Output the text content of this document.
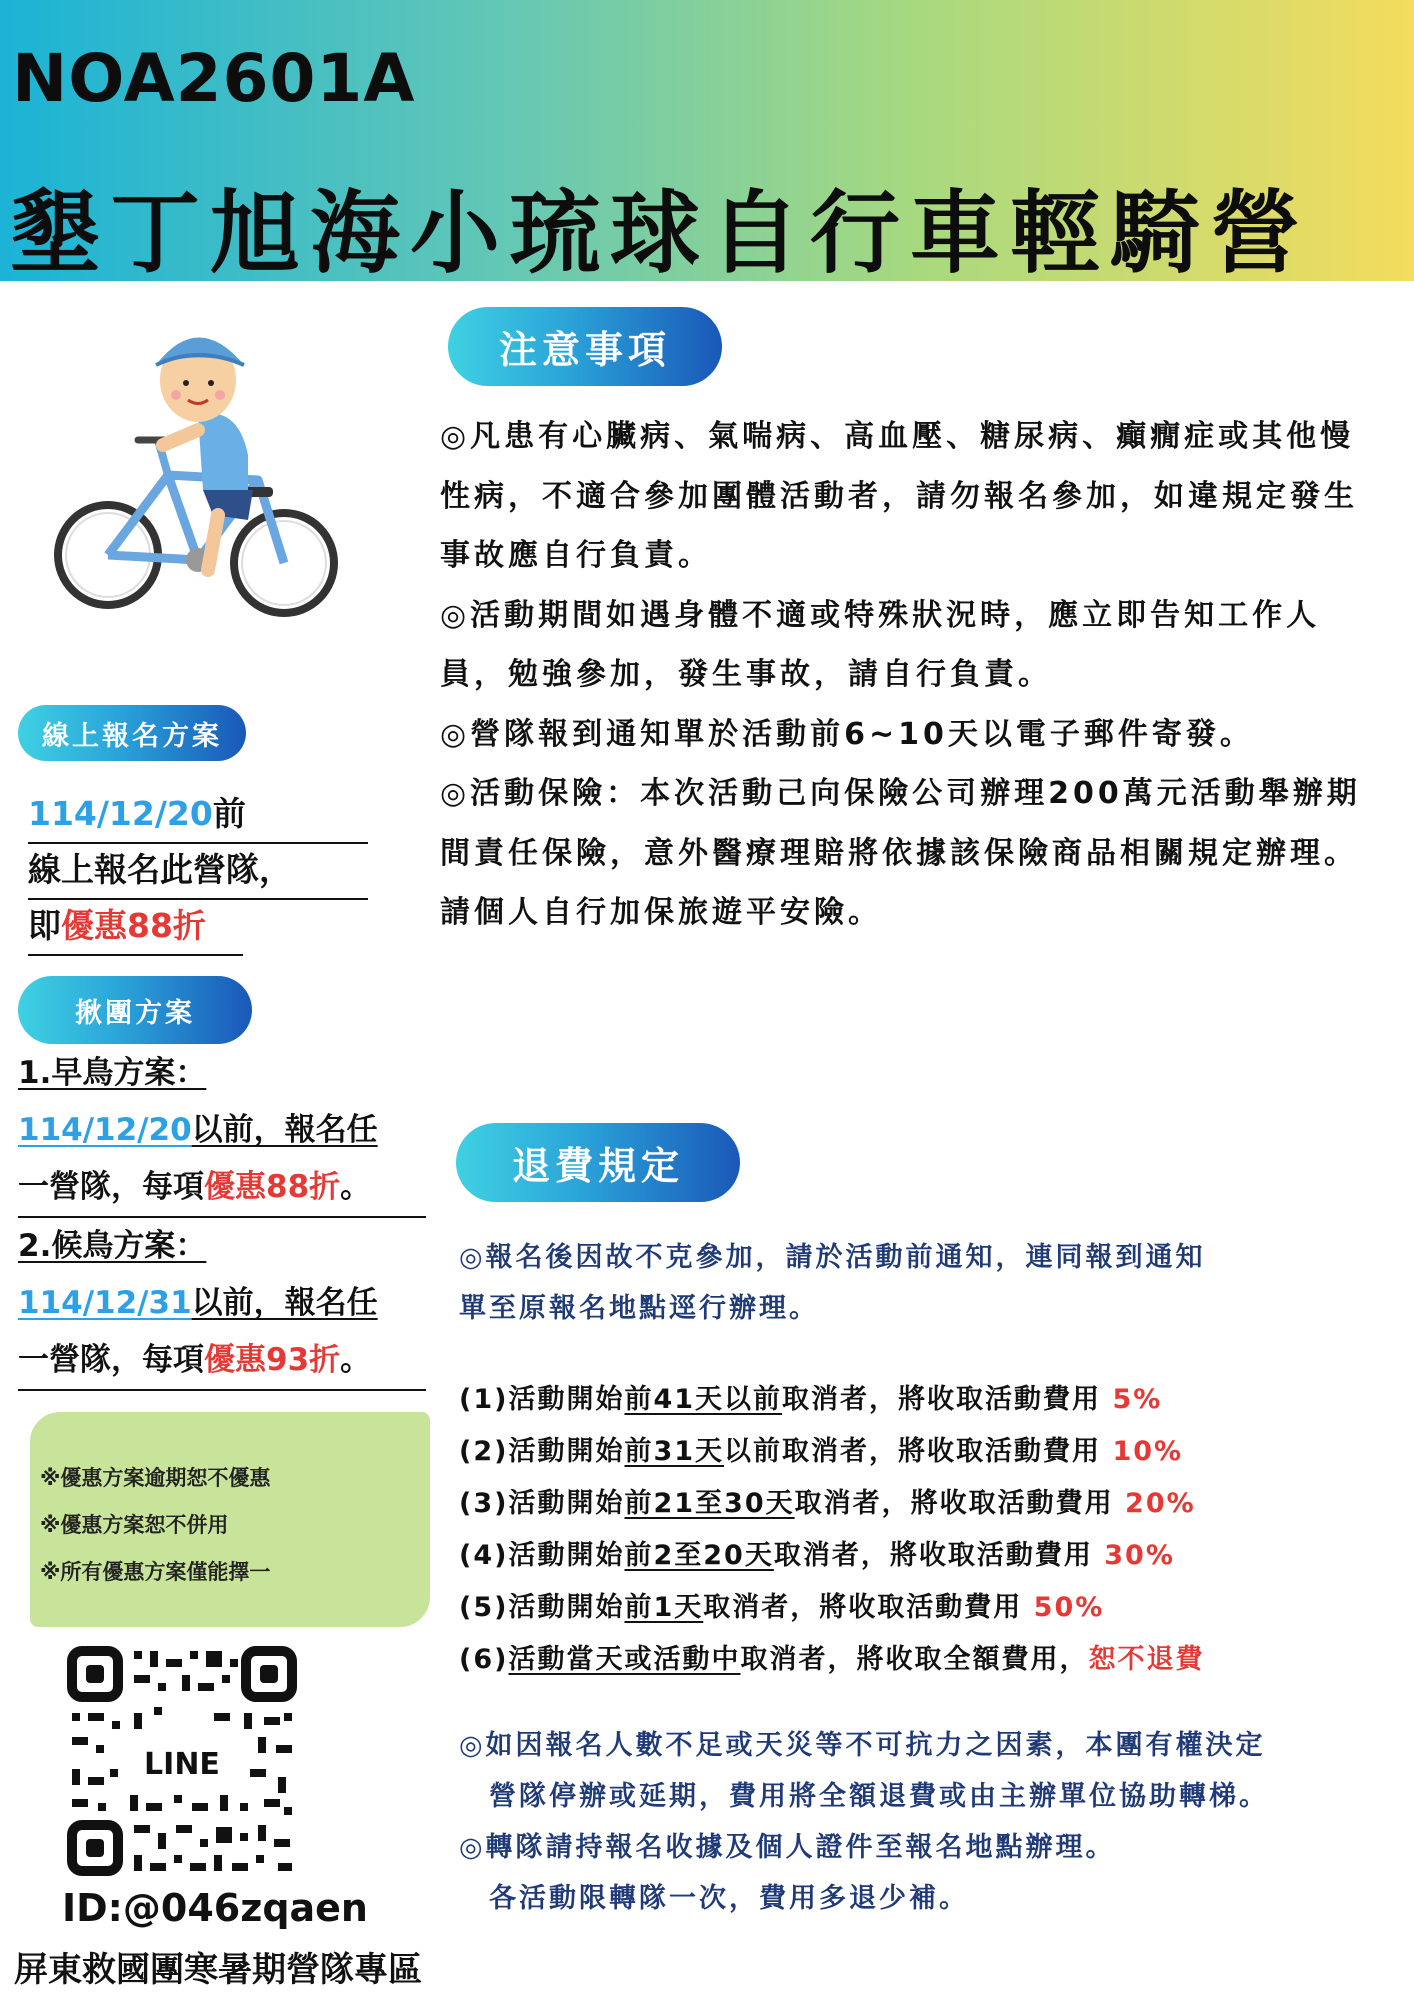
NOA2601A
墾丁旭海小琉球自行車輕騎營
注意事項

◎凡患有心臟病、氣喘病、高血壓、糖尿病、癲癇症或其他慢性病，不適合參加團體活動者，請勿報名參加，如違規定發生事故應自行負責。

◎活動期間如遇身體不適或特殊狀況時，應立即告知工作人員，勉強參加，發生事故，請自行負責。

◎營隊報到通知單於活動前6~10天以電子郵件寄發。

◎活動保險：本次活動己向保險公司辦理200萬元活動舉辦期間責任保險，意外醫療理賠將依據該保險商品相關規定辦理。

請個人自行加保旅遊平安險。

退費規定

◎報名後因故不克參加，請於活動前通知，連同報到通知

單至原報名地點逕行辦理。

(1)活動開始前41天以前取消者，將收取活動費用 5%

(2)活動開始前31天以前取消者，將收取活動費用 10%

(3)活動開始前21至30天取消者，將收取活動費用 20%

(4)活動開始前2至20天取消者，將收取活動費用 30%

(5)活動開始前1天取消者，將收取活動費用 50%

(6)活動當天或活動中取消者，將收取全額費用，恕不退費

◎如因報名人數不足或天災等不可抗力之因素，本團有權決定

　營隊停辦或延期，費用將全額退費或由主辦單位協助轉梯。

◎轉隊請持報名收據及個人證件至報名地點辦理。

　各活動限轉隊一次，費用多退少補。

線上報名方案
114/12/20前
線上報名此營隊，
即優惠88折
揪團方案
1.早鳥方案：
114/12/20以前，報名任
一營隊，每項優惠88折。
2.候鳥方案：
114/12/31以前，報名任
一營隊，每項優惠93折。
※優惠方案逾期恕不優惠
※優惠方案恕不併用
※所有優惠方案僅能擇一
LINE
ID:@046zqaen
屏東救國團寒暑期營隊專區
